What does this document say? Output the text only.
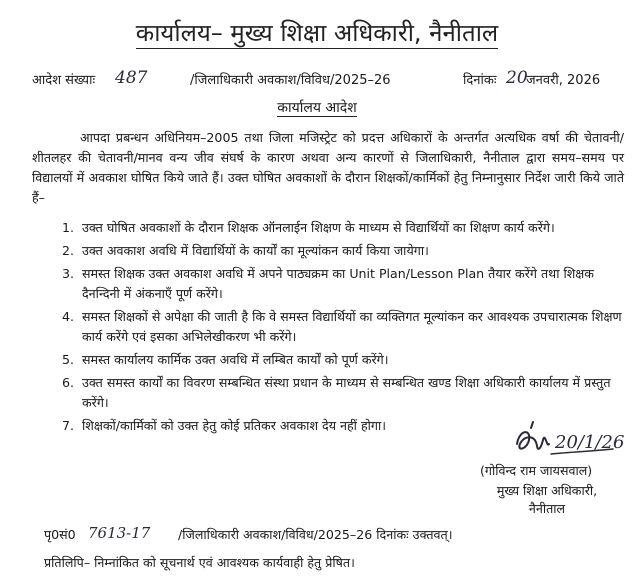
कार्यालय– मुख्य शिक्षा अधिकारी, नैनीताल
आदेश संख्याः 487	/जिलाधिकारी अवकाश/विविध/2025–26	दिनांकः 20
जनवरी, 2026
कार्यालय आदेश
आपदा प्रबन्धन अधिनियम–2005 तथा जिला मजिस्ट्रेट को प्रदत्त अधिकारों के अन्तर्गत अत्यधिक वर्षा की चेतावनी/शीतलहर की चेतावनी/मानव वन्य जीव संघर्ष के कारण अथवा अन्य कारणों से जिलाधिकारी, नैनीताल द्वारा समय–समय पर विद्यालयों में अवकाश घोषित किये जाते हैं। उक्त घोषित अवकाशों के दौरान शिक्षकों/कार्मिकों हेतु निम्नानुसार निर्देश जारी किये जाते हैं–
1. उक्त घोषित अवकाशों के दौरान शिक्षक ऑनलाईन शिक्षण के माध्यम से विद्यार्थियों का शिक्षण कार्य करेंगे।
2. उक्त अवकाश अवधि में विद्यार्थियों के कार्यों का मूल्यांकन कार्य किया जायेगा।
3. समस्त शिक्षक उक्त अवकाश अवधि में अपने पाठ्यक्रम का Unit Plan/Lesson Plan तैयार करेंगे तथा शिक्षक दैनन्दिनी में अंकनाएँ पूर्ण करेंगे।
4. समस्त शिक्षकों से अपेक्षा की जाती है कि वे समस्त विद्यार्थियों का व्यक्तिगत मूल्यांकन कर आवश्यक उपचारात्मक शिक्षण कार्य करेंगे एवं इसका अभिलेखीकरण भी करेंगे।
5. समस्त कार्यालय कार्मिक उक्त अवधि में लम्बित कार्यों को पूर्ण करेंगे।
6. उक्त समस्त कार्यों का विवरण सम्बन्धित संस्था प्रधान के माध्यम से सम्बन्धित खण्ड शिक्षा अधिकारी कार्यालय में प्रस्तुत करेंगे।
7. शिक्षकों/कार्मिकों को उक्त हेतु कोई प्रतिकर अवकाश देय नहीं होगा।
20/1/26
(गोविन्द राम जायसवाल)
मुख्य शिक्षा अधिकारी,
नैनीताल
पृ0सं0 7613-17 /जिलाधिकारी अवकाश/विविध/2025–26 दिनांकः उक्तवत्।
प्रतिलिपि– निम्नांकित को सूचनार्थ एवं आवश्यक कार्यवाही हेतु प्रेषित।
